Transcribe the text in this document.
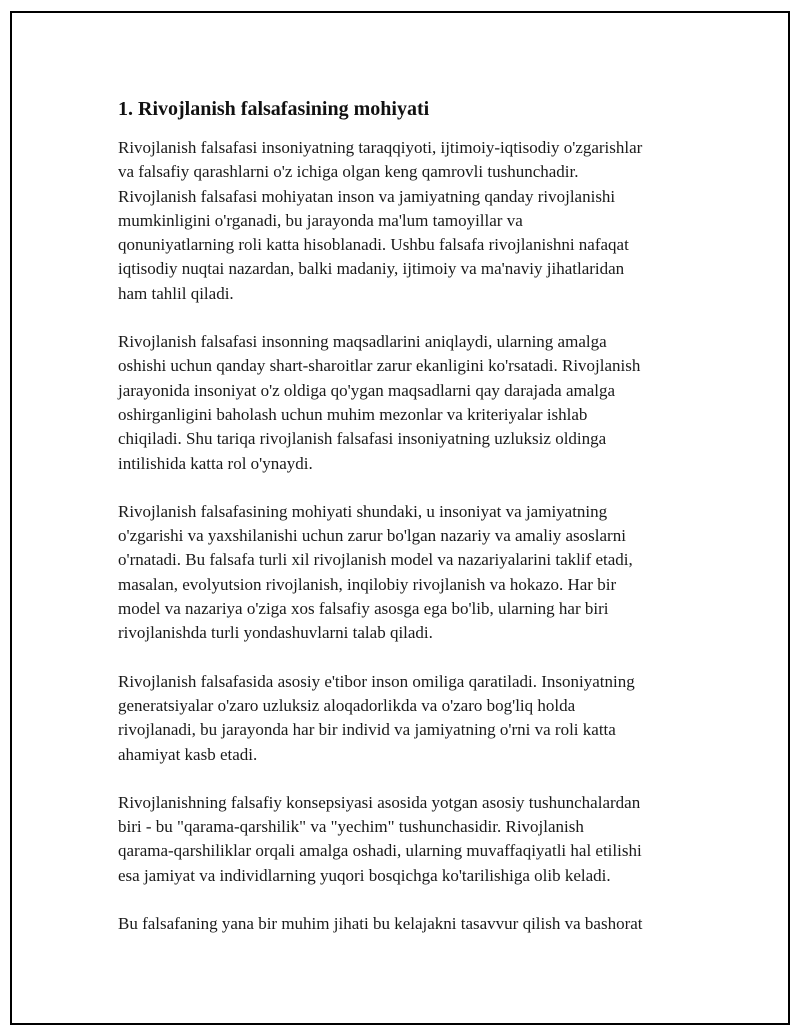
1. Rivojlanish falsafasining mohiyati

Rivojlanish falsafasi insoniyatning taraqqiyoti, ijtimoiy-iqtisodiy o'zgarishlar
va falsafiy qarashlarni o'z ichiga olgan keng qamrovli tushunchadir.
Rivojlanish falsafasi mohiyatan inson va jamiyatning qanday rivojlanishi
mumkinligini o'rganadi, bu jarayonda ma'lum tamoyillar va
qonuniyatlarning roli katta hisoblanadi. Ushbu falsafa rivojlanishni nafaqat
iqtisodiy nuqtai nazardan, balki madaniy, ijtimoiy va ma'naviy jihatlaridan
ham tahlil qiladi.

Rivojlanish falsafasi insonning maqsadlarini aniqlaydi, ularning amalga
oshishi uchun qanday shart-sharoitlar zarur ekanligini ko'rsatadi. Rivojlanish
jarayonida insoniyat o'z oldiga qo'ygan maqsadlarni qay darajada amalga
oshirganligini baholash uchun muhim mezonlar va kriteriyalar ishlab
chiqiladi. Shu tariqa rivojlanish falsafasi insoniyatning uzluksiz oldinga
intilishida katta rol o'ynaydi.

Rivojlanish falsafasining mohiyati shundaki, u insoniyat va jamiyatning
o'zgarishi va yaxshilanishi uchun zarur bo'lgan nazariy va amaliy asoslarni
o'rnatadi. Bu falsafa turli xil rivojlanish model va nazariyalarini taklif etadi,
masalan, evolyutsion rivojlanish, inqilobiy rivojlanish va hokazo. Har bir
model va nazariya o'ziga xos falsafiy asosga ega bo'lib, ularning har biri
rivojlanishda turli yondashuvlarni talab qiladi.

Rivojlanish falsafasida asosiy e'tibor inson omiliga qaratiladi. Insoniyatning
generatsiyalar o'zaro uzluksiz aloqadorlikda va o'zaro bog'liq holda
rivojlanadi, bu jarayonda har bir individ va jamiyatning o'rni va roli katta
ahamiyat kasb etadi.

Rivojlanishning falsafiy konsepsiyasi asosida yotgan asosiy tushunchalardan
biri - bu "qarama-qarshilik" va "yechim" tushunchasidir. Rivojlanish
qarama-qarshiliklar orqali amalga oshadi, ularning muvaffaqiyatli hal etilishi
esa jamiyat va individlarning yuqori bosqichga ko'tarilishiga olib keladi.

Bu falsafaning yana bir muhim jihati bu kelajakni tasavvur qilish va bashorat
